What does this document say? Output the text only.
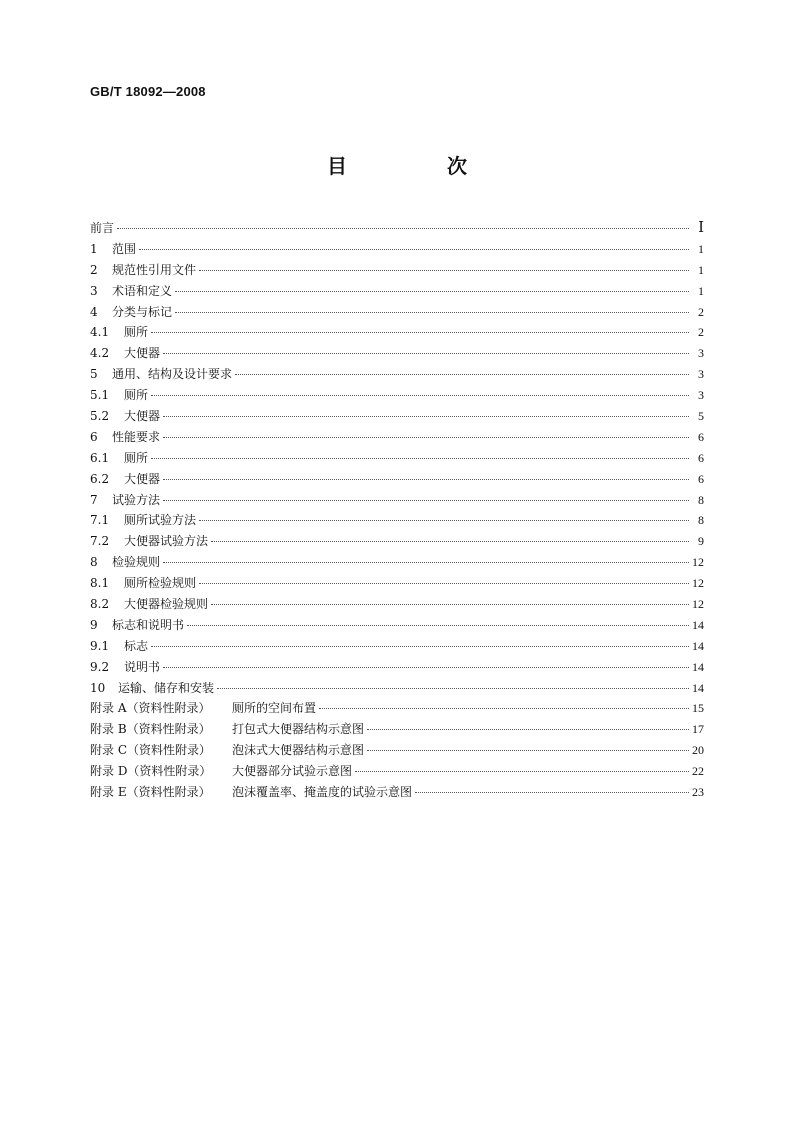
GB/T 18092—2008
目　次
前言	Ⅰ
1	范围	1
2	规范性引用文件	1
3	术语和定义	1
4	分类与标记	2
4.1	厕所	2
4.2	大便器	3
5	通用、结构及设计要求	3
5.1	厕所	3
5.2	大便器	5
6	性能要求	6
6.1	厕所	6
6.2	大便器	6
7	试验方法	8
7.1	厕所试验方法	8
7.2	大便器试验方法	9
8	检验规则	12
8.1	厕所检验规则	12
8.2	大便器检验规则	12
9	标志和说明书	14
9.1	标志	14
9.2	说明书	14
10	运输、储存和安装	14
附录 A（资料性附录）	厕所的空间布置	15
附录 B（资料性附录）	打包式大便器结构示意图	17
附录 C（资料性附录）	泡沫式大便器结构示意图	20
附录 D（资料性附录）	大便器部分试验示意图	22
附录 E（资料性附录）	泡沫覆盖率、掩盖度的试验示意图	23
